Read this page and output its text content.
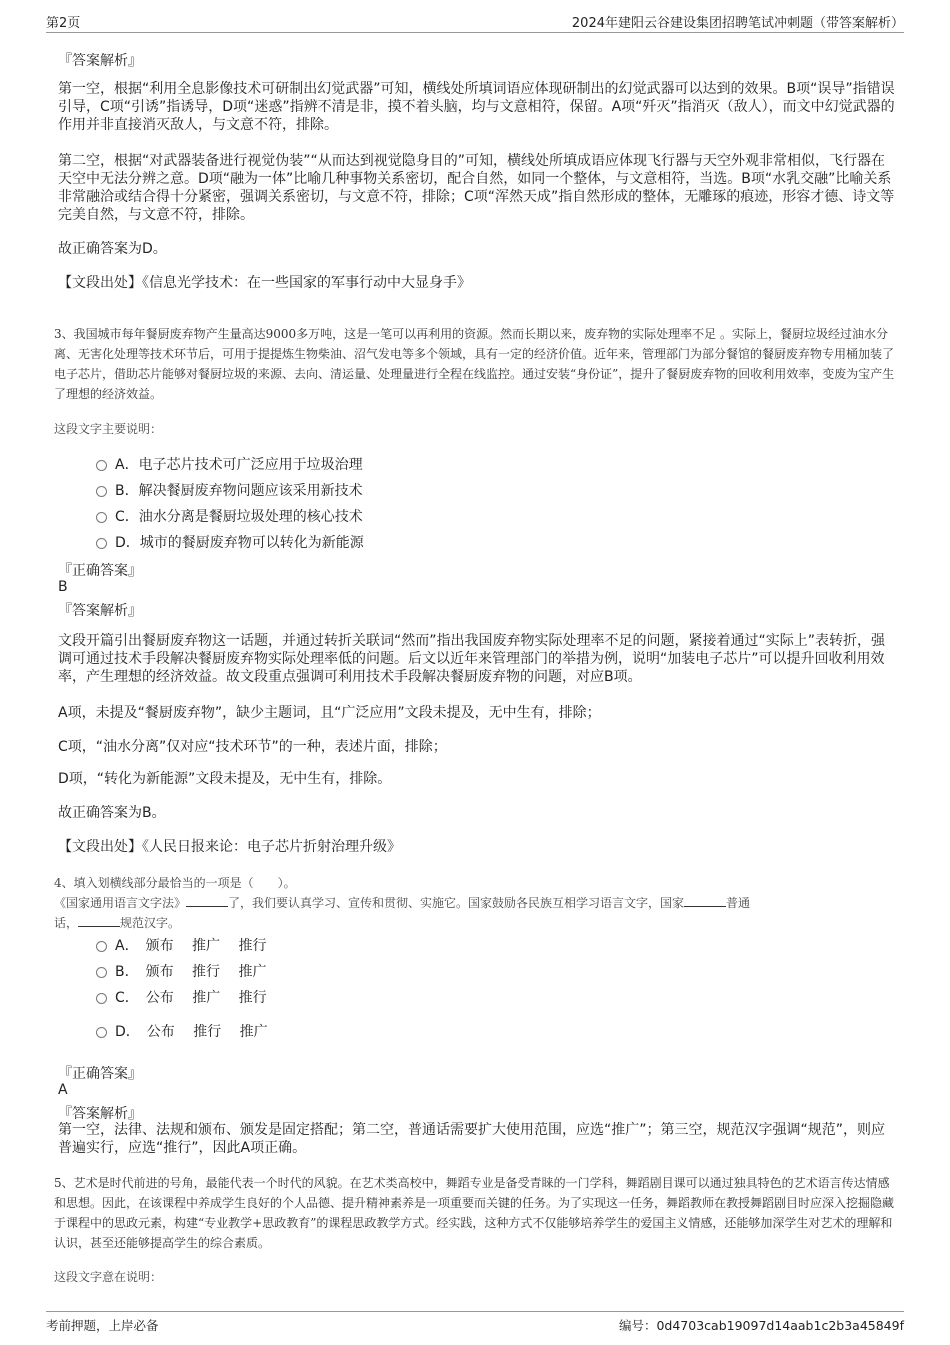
第2页	2024年建阳云谷建设集团招聘笔试冲刺题（带答案解析）
『答案解析』
第一空，根据“利用全息影像技术可研制出幻觉武器”可知，横线处所填词语应体现研制出的幻觉武器可以达到的效果。B项“误导”指错误引导，C项“引诱”指诱导，D项“迷惑”指辨不清是非，摸不着头脑，均与文意相符，保留。A项“歼灭”指消灭（敌人），而文中幻觉武器的作用并非直接消灭敌人，与文意不符，排除。
第二空，根据“对武器装备进行视觉伪装”“从而达到视觉隐身目的”可知，横线处所填成语应体现飞行器与天空外观非常相似，飞行器在天空中无法分辨之意。D项“融为一体”比喻几种事物关系密切，配合自然，如同一个整体，与文意相符，当选。B项“水乳交融”比喻关系非常融洽或结合得十分紧密，强调关系密切，与文意不符，排除；C项“浑然天成”指自然形成的整体，无雕琢的痕迹，形容才德、诗文等完美自然，与文意不符，排除。
故正确答案为D。
【文段出处】《信息光学技术：在一些国家的军事行动中大显身手》
3、我国城市每年餐厨废弃物产生量高达9000多万吨，这是一笔可以再利用的资源。然而长期以来，废弃物的实际处理率不足 。实际上，餐厨垃圾经过油水分离、无害化处理等技术环节后，可用于提提炼生物柴油、沼气发电等多个领域，具有一定的经济价值。近年来，管理部门为部分餐馆的餐厨废弃物专用桶加装了电子芯片，借助芯片能够对餐厨垃圾的来源、去向、清运量、处理量进行全程在线监控。通过安装“身份证”，提升了餐厨废弃物的回收利用效率，变废为宝产生了理想的经济效益。
这段文字主要说明：
A．电子芯片技术可广泛应用于垃圾治理
B．解决餐厨废弃物问题应该采用新技术
C．油水分离是餐厨垃圾处理的核心技术
D．城市的餐厨废弃物可以转化为新能源
『正确答案』
B
『答案解析』
文段开篇引出餐厨废弃物这一话题，并通过转折关联词“然而”指出我国废弃物实际处理率不足的问题，紧接着通过“实际上”表转折，强调可通过技术手段解决餐厨废弃物实际处理率低的问题。后文以近年来管理部门的举措为例，说明“加装电子芯片”可以提升回收利用效率，产生理想的经济效益。故文段重点强调可利用技术手段解决餐厨废弃物的问题，对应B项。
A项，未提及“餐厨废弃物”，缺少主题词，且“广泛应用”文段未提及，无中生有，排除；
C项，“油水分离”仅对应“技术环节”的一种，表述片面，排除；
D项，“转化为新能源”文段未提及，无中生有，排除。
故正确答案为B。
【文段出处】《人民日报来论：电子芯片折射治理升级》
4、填入划横线部分最恰当的一项是（　　）。
《国家通用语言文字法》	了，我们要认真学习、宣传和贯彻、实施它。国家鼓励各民族互相学习语言文字，国家	普通
话，	规范汉字。
A．　颁布　 推广　 推行
B．　颁布　 推行　 推广
C．　公布　 推广　 推行
D．　公布　 推行　 推广
『正确答案』
A
『答案解析』
第一空，法律、法规和颁布、颁发是固定搭配；第二空，普通话需要扩大使用范围，应选“推广”；第三空，规范汉字强调“规范”，则应普遍实行，应选“推行”，因此A项正确。
5、艺术是时代前进的号角，最能代表一个时代的风貌。在艺术类高校中，舞蹈专业是备受青睐的一门学科，舞蹈剧目课可以通过独具特色的艺术语言传达情感和思想。因此，在该课程中养成学生良好的个人品德、提升精神素养是一项重要而关键的任务。为了实现这一任务，舞蹈教师在教授舞蹈剧目时应深入挖掘隐藏于课程中的思政元素，构建“专业教学+思政教育”的课程思政教学方式。经实践，这种方式不仅能够培养学生的爱国主义情感，还能够加深学生对艺术的理解和认识，甚至还能够提高学生的综合素质。
这段文字意在说明：
考前押题，上岸必备	编号：0d4703cab19097d14aab1c2b3a45849f
